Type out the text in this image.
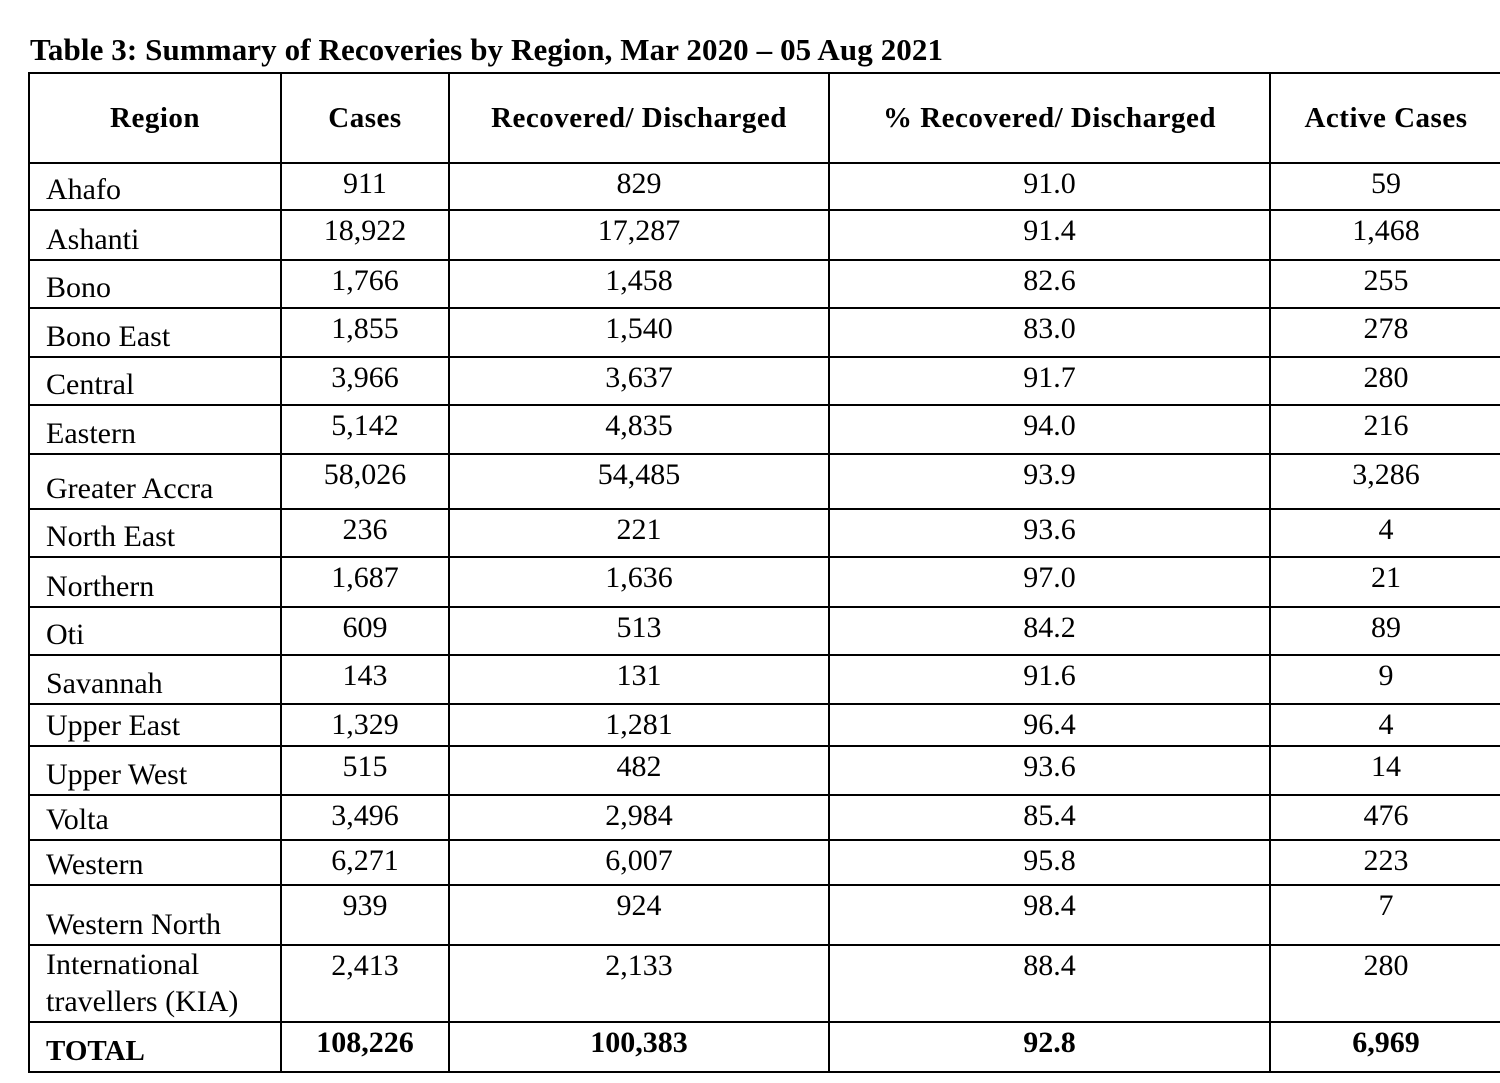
Table 3: Summary of Recoveries by Region, Mar 2020 – 05 Aug 2021
Region	Cases	Recovered/ Discharged	% Recovered/ Discharged	Active Cases
Ahafo	911	829	91.0	59
Ashanti	18,922	17,287	91.4	1,468
Bono	1,766	1,458	82.6	255
Bono East	1,855	1,540	83.0	278
Central	3,966	3,637	91.7	280
Eastern	5,142	4,835	94.0	216
Greater Accra	58,026	54,485	93.9	3,286
North East	236	221	93.6	4
Northern	1,687	1,636	97.0	21
Oti	609	513	84.2	89
Savannah	143	131	91.6	9
Upper East	1,329	1,281	96.4	4
Upper West	515	482	93.6	14
Volta	3,496	2,984	85.4	476
Western	6,271	6,007	95.8	223
Western North	939	924	98.4	7
International travellers (KIA)	2,413	2,133	88.4	280
TOTAL	108,226	100,383	92.8	6,969
